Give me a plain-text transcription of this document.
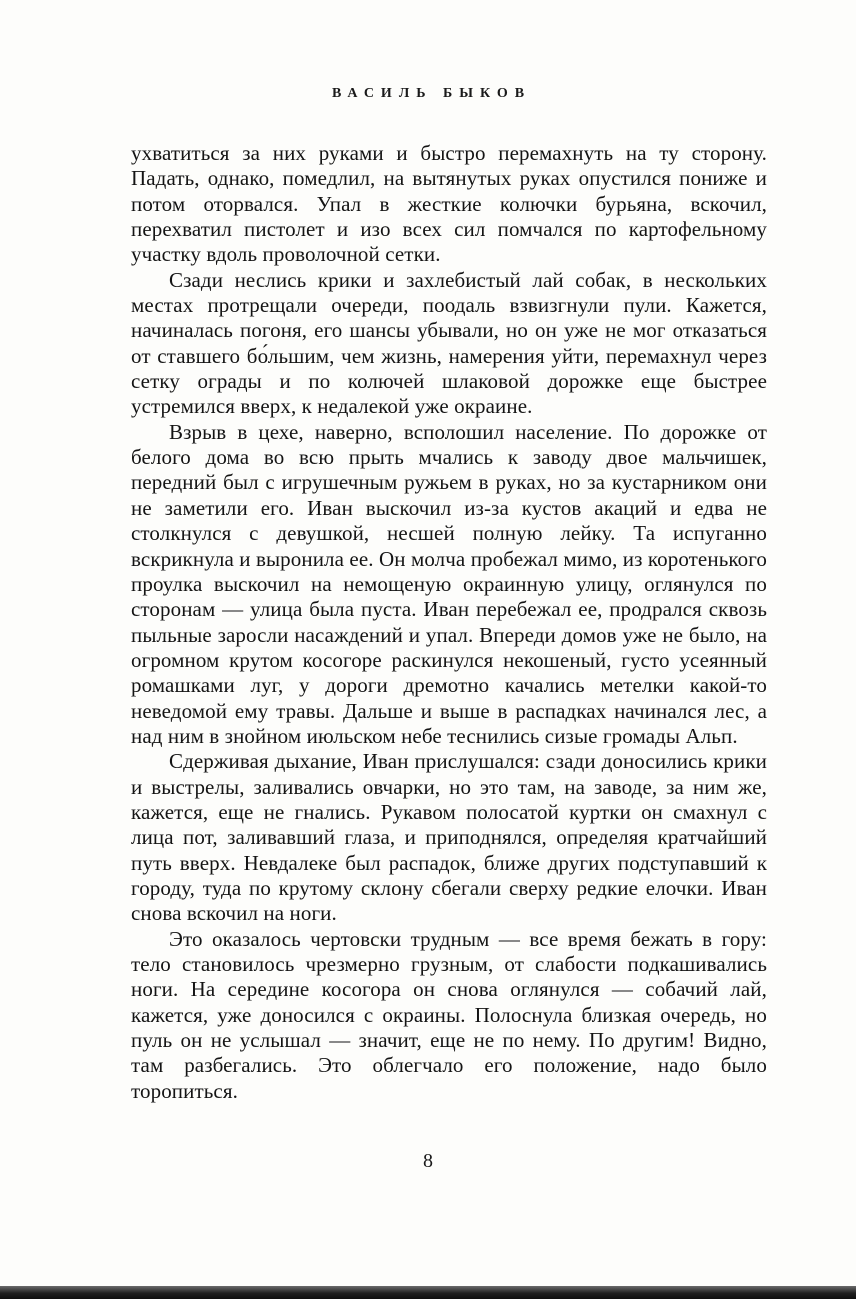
ВАСИЛЬ БЫКОВ

ухватиться за них руками и быстро перемахнуть на ту сторону. Падать, однако, помедлил, на вытянутых руках опустился пониже и потом оторвался. Упал в жесткие колючки бурьяна, вскочил, перехватил пистолет и изо всех сил помчался по картофельному участку вдоль проволочной сетки.

Сзади неслись крики и захлебистый лай собак, в нескольких местах протрещали очереди, поодаль взвизгнули пули. Кажется, начиналась погоня, его шансы убывали, но он уже не мог отказаться от ставшего бо́льшим, чем жизнь, намерения уйти, перемахнул через сетку ограды и по колючей шлаковой дорожке еще быстрее устремился вверх, к недалекой уже окраине.

Взрыв в цехе, наверно, всполошил население. По дорожке от белого дома во всю прыть мчались к заводу двое мальчишек, передний был с игрушечным ружьем в руках, но за кустарником они не заметили его. Иван выскочил из-за кустов акаций и едва не столкнулся с девушкой, несшей полную лейку. Та испуганно вскрикнула и выронила ее. Он молча пробежал мимо, из коротенького проулка выскочил на немощеную окраинную улицу, оглянулся по сторонам — улица была пуста. Иван перебежал ее, продрался сквозь пыльные заросли насаждений и упал. Впереди домов уже не было, на огромном крутом косогоре раскинулся некошеный, густо усеянный ромашками луг, у дороги дремотно качались метелки какой-то неведомой ему травы. Дальше и выше в распадках начинался лес, а над ним в знойном июльском небе теснились сизые громады Альп.

Сдерживая дыхание, Иван прислушался: сзади доносились крики и выстрелы, заливались овчарки, но это там, на заводе, за ним же, кажется, еще не гнались. Рукавом полосатой куртки он смахнул с лица пот, заливавший глаза, и приподнялся, определяя кратчайший путь вверх. Невдалеке был распадок, ближе других подступавший к городу, туда по крутому склону сбегали сверху редкие елочки. Иван снова вскочил на ноги.

Это оказалось чертовски трудным — все время бежать в гору: тело становилось чрезмерно грузным, от слабости подкашивались ноги. На середине косогора он снова оглянулся — собачий лай, кажется, уже доносился с окраины. Полоснула близкая очередь, но пуль он не услышал — значит, еще не по нему. По другим! Видно, там разбегались. Это облегчало его положение, надо было торопиться.

8
